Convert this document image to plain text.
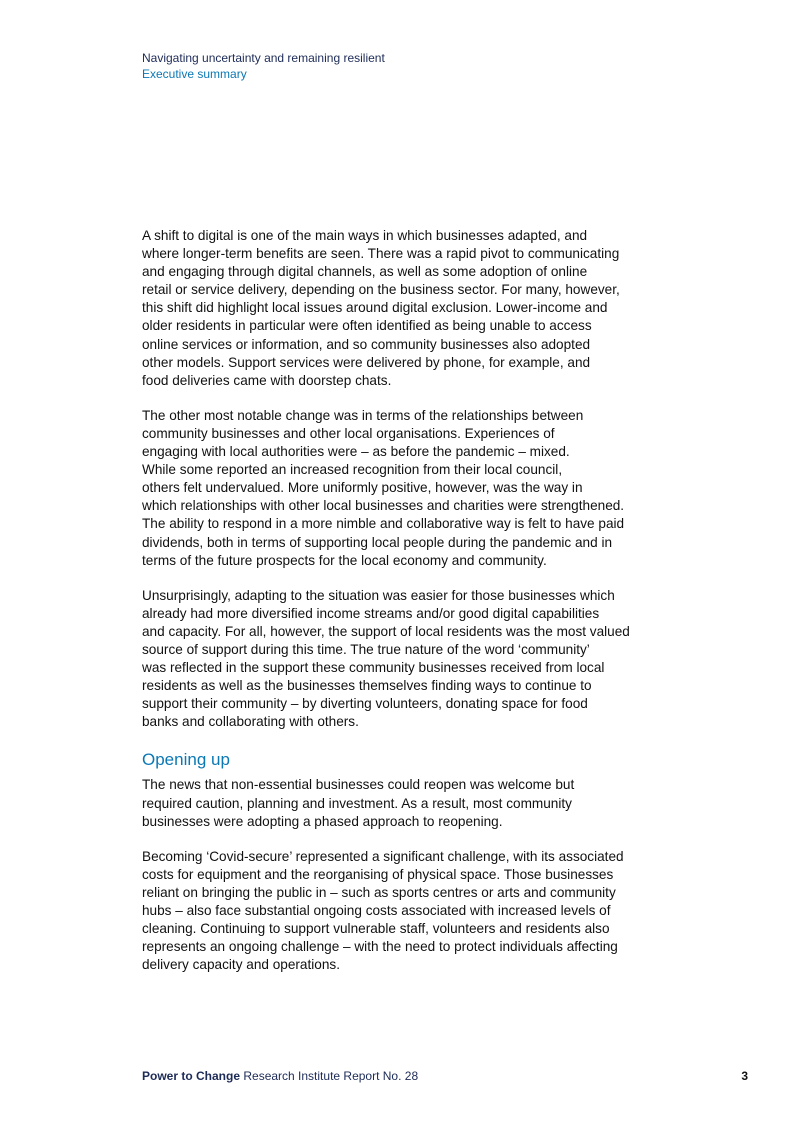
Navigating uncertainty and remaining resilient
Executive summary

A shift to digital is one of the main ways in which businesses adapted, and
where longer-term benefits are seen. There was a rapid pivot to communicating
and engaging through digital channels, as well as some adoption of online
retail or service delivery, depending on the business sector. For many, however,
this shift did highlight local issues around digital exclusion. Lower-income and
older residents in particular were often identified as being unable to access
online services or information, and so community businesses also adopted
other models. Support services were delivered by phone, for example, and
food deliveries came with doorstep chats.

The other most notable change was in terms of the relationships between
community businesses and other local organisations. Experiences of
engaging with local authorities were – as before the pandemic – mixed.
While some reported an increased recognition from their local council,
others felt undervalued. More uniformly positive, however, was the way in
which relationships with other local businesses and charities were strengthened.
The ability to respond in a more nimble and collaborative way is felt to have paid
dividends, both in terms of supporting local people during the pandemic and in
terms of the future prospects for the local economy and community.

Unsurprisingly, adapting to the situation was easier for those businesses which
already had more diversified income streams and/or good digital capabilities
and capacity. For all, however, the support of local residents was the most valued
source of support during this time. The true nature of the word ‘community’
was reflected in the support these community businesses received from local
residents as well as the businesses themselves finding ways to continue to
support their community – by diverting volunteers, donating space for food
banks and collaborating with others.

Opening up

The news that non-essential businesses could reopen was welcome but
required caution, planning and investment. As a result, most community
businesses were adopting a phased approach to reopening.

Becoming ‘Covid-secure’ represented a significant challenge, with its associated
costs for equipment and the reorganising of physical space. Those businesses
reliant on bringing the public in – such as sports centres or arts and community
hubs – also face substantial ongoing costs associated with increased levels of
cleaning. Continuing to support vulnerable staff, volunteers and residents also
represents an ongoing challenge – with the need to protect individuals affecting
delivery capacity and operations.

Power to Change Research Institute Report No. 28	3
